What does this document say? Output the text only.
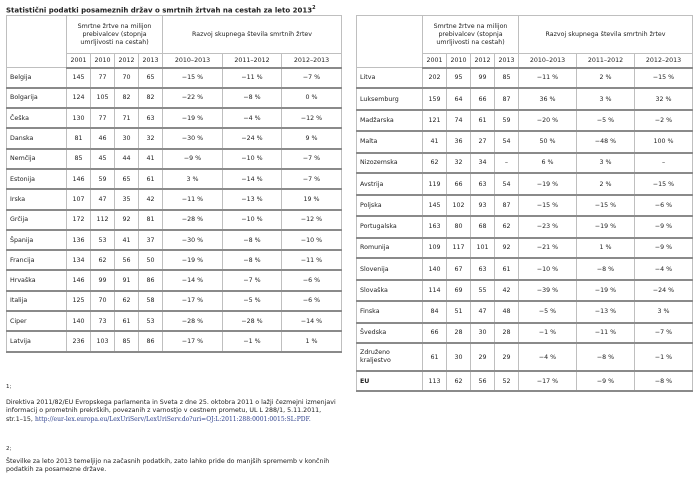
Statistični podatki posameznih držav o smrtnih žrtvah na cestah za leto 2013$^2$
	Smrtne žrtve na milijon prebivalcev (stopnja umrljivosti na cestah)				Razvoj skupnega števila smrtnih žrtev		
	2001	2010	2012	2013	2010–2013	2011–2012	2012–2013
Belgija	145	77	70	65	−15 %	−11 %	−7 %
Bolgarija	124	105	82	82	−22 %	−8 %	0 %
Češka	130	77	71	63	−19 %	−4 %	−12 %
Danska	81	46	30	32	−30 %	−24 %	9 %
Nemčija	85	45	44	41	−9 %	−10 %	−7 %
Estonija	146	59	65	61	3 %	−14 %	−7 %
Irska	107	47	35	42	−11 %	−13 %	19 %
Grčija	172	112	92	81	−28 %	−10 %	−12 %
Španija	136	53	41	37	−30 %	−8 %	−10 %
Francija	134	62	56	50	−19 %	−8 %	−11 %
Hrvaška	146	99	91	86	−14 %	−7 %	−6 %
Italija	125	70	62	58	−17 %	−5 %	−6 %
Ciper	140	73	61	53	−28 %	−28 %	−14 %
Latvija	236	103	85	86	−17 %	−1 %	1 %
	Smrtne žrtve na milijon prebivalcev (stopnja umrljivosti na cestah)				Razvoj skupnega števila smrtnih žrtev		
	2001	2010	2012	2013	2010–2013	2011–2012	2012–2013
Litva	202	95	99	85	−11 %	2 %	−15 %
Luksemburg	159	64	66	87	36 %	3 %	32 %
Madžarska	121	74	61	59	−20 %	−5 %	−2 %
Malta	41	36	27	54	50 %	−48 %	100 %
Nizozemska	62	32	34	–	6 %	3 %	–
Avstrija	119	66	63	54	−19 %	2 %	−15 %
Poljska	145	102	93	87	−15 %	−15 %	−6 %
Portugalska	163	80	68	62	−23 %	−19 %	−9 %
Romunija	109	117	101	92	−21 %	1 %	−9 %
Slovenija	140	67	63	61	−10 %	−8 %	−4 %
Slovaška	114	69	55	42	−39 %	−19 %	−24 %
Finska	84	51	47	48	−5 %	−13 %	3 %
Švedska	66	28	30	28	−1 %	−11 %	−7 %
Združeno kraljestvo	61	30	29	29	−4 %	−8 %	−1 %
EU	113	62	56	52	−17 %	−9 %	−8 %
1;
Direktiva 2011/82/EU Evropskega parlamenta in Sveta z dne 25. oktobra 2011 o lažji čezmejni izmenjavi informacij o prometnih prekrških, povezanih z varnostjo v cestnem prometu, UL L 288/1, 5.11.2011, str.1–15, http://eur-lex.europa.eu/LexUriServ/LexUriServ.do?uri=OJ:L:2011:288:0001:0015:SL:PDF.
2;
Številke za leto 2013 temeljijo na začasnih podatkih, zato lahko pride do manjših sprememb v končnih podatkih za posamezne države.
